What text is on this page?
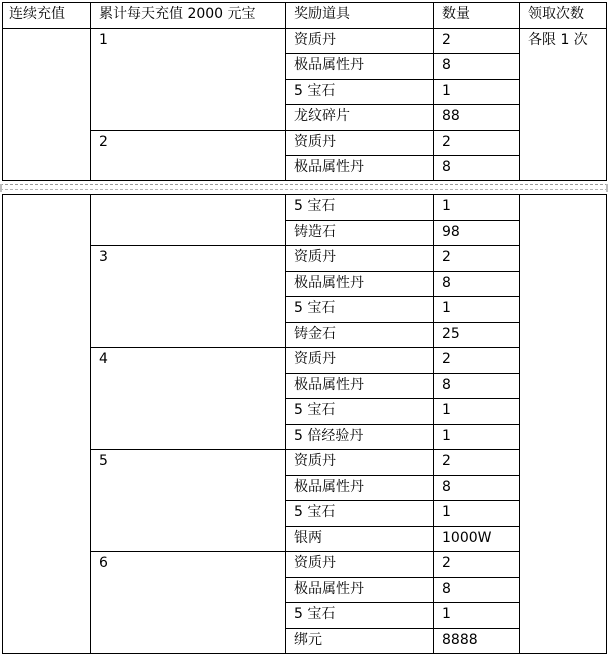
连续充值	累计每天充值 2000 元宝	奖励道具	数量	领取次数
	1	资质丹	2	各限 1 次
		极品属性丹	8	
		5 宝石	1	
		龙纹碎片	88	
	2	资质丹	2	
		极品属性丹	8	
		5 宝石	1	
		铸造石	98	
	3	资质丹	2	
		极品属性丹	8	
		5 宝石	1	
		铸金石	25	
	4	资质丹	2	
		极品属性丹	8	
		5 宝石	1	
		5 倍经验丹	1	
	5	资质丹	2	
		极品属性丹	8	
		5 宝石	1	
		银两	1000W	
	6	资质丹	2	
		极品属性丹	8	
		5 宝石	1	
		绑元	8888	
